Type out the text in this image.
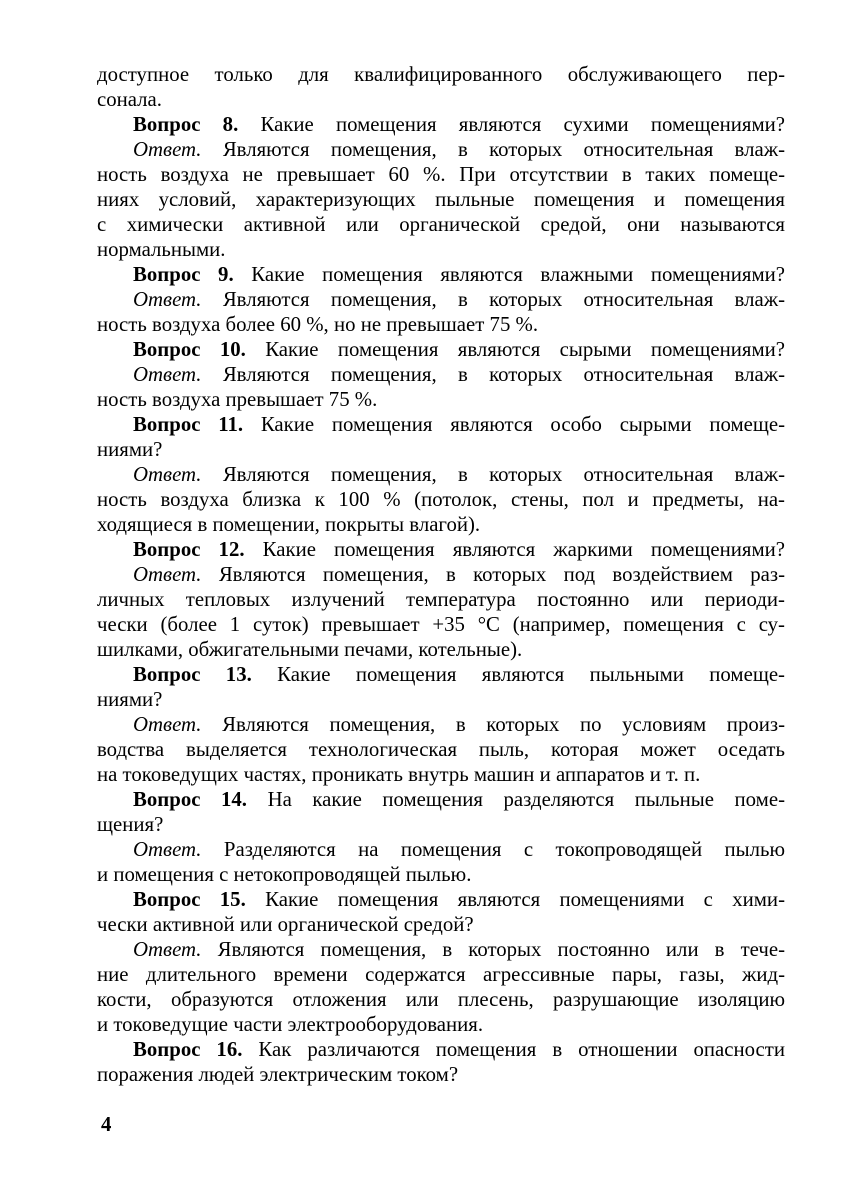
доступное только для квалифицированного обслуживающего пер-
сонала.
Вопрос 8. Какие помещения являются сухими помещениями?
Ответ. Являются помещения, в которых относительная влаж-
ность воздуха не превышает 60 %. При отсутствии в таких помеще-
ниях условий, характеризующих пыльные помещения и помещения
с химически активной или органической средой, они называются
нормальными.
Вопрос 9. Какие помещения являются влажными помещениями?
Ответ. Являются помещения, в которых относительная влаж-
ность воздуха более 60 %, но не превышает 75 %.
Вопрос 10. Какие помещения являются сырыми помещениями?
Ответ. Являются помещения, в которых относительная влаж-
ность воздуха превышает 75 %.
Вопрос 11. Какие помещения являются особо сырыми помеще-
ниями?
Ответ. Являются помещения, в которых относительная влаж-
ность воздуха близка к 100 % (потолок, стены, пол и предметы, на-
ходящиеся в помещении, покрыты влагой).
Вопрос 12. Какие помещения являются жаркими помещениями?
Ответ. Являются помещения, в которых под воздействием раз-
личных тепловых излучений температура постоянно или периоди-
чески (более 1 суток) превышает +35 °С (например, помещения с су-
шилками, обжигательными печами, котельные).
Вопрос 13. Какие помещения являются пыльными помеще-
ниями?
Ответ. Являются помещения, в которых по условиям произ-
водства выделяется технологическая пыль, которая может оседать
на токоведущих частях, проникать внутрь машин и аппаратов и т. п.
Вопрос 14. На какие помещения разделяются пыльные поме-
щения?
Ответ. Разделяются на помещения с токопроводящей пылью
и помещения с нетокопроводящей пылью.
Вопрос 15. Какие помещения являются помещениями с хими-
чески активной или органической средой?
Ответ. Являются помещения, в которых постоянно или в тече-
ние длительного времени содержатся агрессивные пары, газы, жид-
кости, образуются отложения или плесень, разрушающие изоляцию
и токоведущие части электрооборудования.
Вопрос 16. Как различаются помещения в отношении опасности
поражения людей электрическим током?
4
